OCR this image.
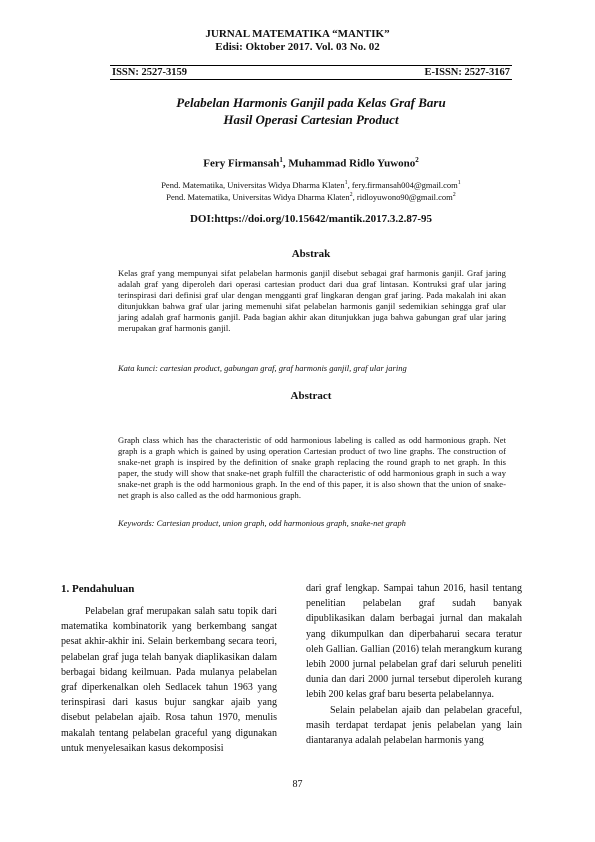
JURNAL MATEMATIKA “MANTIK”
Edisi: Oktober 2017. Vol. 03 No. 02
ISSN: 2527-3159	E-ISSN: 2527-3167
Pelabelan Harmonis Ganjil pada Kelas Graf Baru
Hasil Operasi Cartesian Product
Fery Firmansah$^1$, Muhammad Ridlo Yuwono$^2$
Pend. Matematika, Universitas Widya Dharma Klaten$^1$, fery.firmansah004@gmail.com$^1$
Pend. Matematika, Universitas Widya Dharma Klaten$^2$, ridloyuwono90@gmail.com$^2$
DOI:https://doi.org/10.15642/mantik.2017.3.2.87-95
Abstrak
Kelas graf yang mempunyai sifat pelabelan harmonis ganjil disebut sebagai graf harmonis ganjil. Graf jaring adalah graf yang diperoleh dari operasi cartesian product dari dua graf lintasan. Kontruksi graf ular jaring terinspirasi dari definisi graf ular dengan mengganti graf lingkaran dengan graf jaring. Pada makalah ini akan ditunjukkan bahwa graf ular jaring memenuhi sifat pelabelan harmonis ganjil sedemikian sehingga graf ular jaring adalah graf harmonis ganjil. Pada bagian akhir akan ditunjukkan juga bahwa gabungan graf ular jaring merupakan graf harmonis ganjil.
Kata kunci: cartesian product, gabungan graf, graf harmonis ganjil, graf ular jaring
Abstract
Graph class which has the characteristic of odd harmonious labeling is called as odd harmonious graph. Net graph is a graph which is gained by using operation Cartesian product of two line graphs. The construction of snake-net graph is inspired by the definition of snake graph replacing the round graph to net graph. In this paper, the study will show that snake-net graph fulfill the characteristic of odd harmonious graph in such a way snake-net graph is the odd harmonious graph. In the end of this paper, it is also shown that the union of snake-net graph is also called as the odd harmonious graph.
Keywords: Cartesian product, union graph, odd harmonious graph, snake-net graph
1. Pendahuluan

Pelabelan graf merupakan salah satu topik dari matematika kombinatorik yang berkembang sangat pesat akhir-akhir ini. Selain berkembang secara teori, pelabelan graf juga telah banyak diaplikasikan dalam berbagai bidang keilmuan. Pada mulanya pelabelan graf diperkenalkan oleh Sedlacek tahun 1963 yang terinspirasi dari kasus bujur sangkar ajaib yang disebut pelabelan ajaib. Rosa tahun 1970, menulis makalah tentang pelabelan graceful yang digunakan untuk menyelesaikan kasus dekomposisi

dari graf lengkap. Sampai tahun 2016, hasil tentang penelitian pelabelan graf sudah banyak dipublikasikan dalam berbagai jurnal dan makalah yang dikumpulkan dan diperbaharui secara teratur oleh Gallian. Gallian (2016) telah merangkum kurang lebih 2000 jurnal pelabelan graf dari seluruh peneliti dunia dan dari 2000 jurnal tersebut diperoleh kurang lebih 200 kelas graf baru beserta pelabelannya.

Selain pelabelan ajaib dan pelabelan graceful, masih terdapat terdapat jenis pelabelan yang lain diantaranya adalah pelabelan harmonis yang

87
